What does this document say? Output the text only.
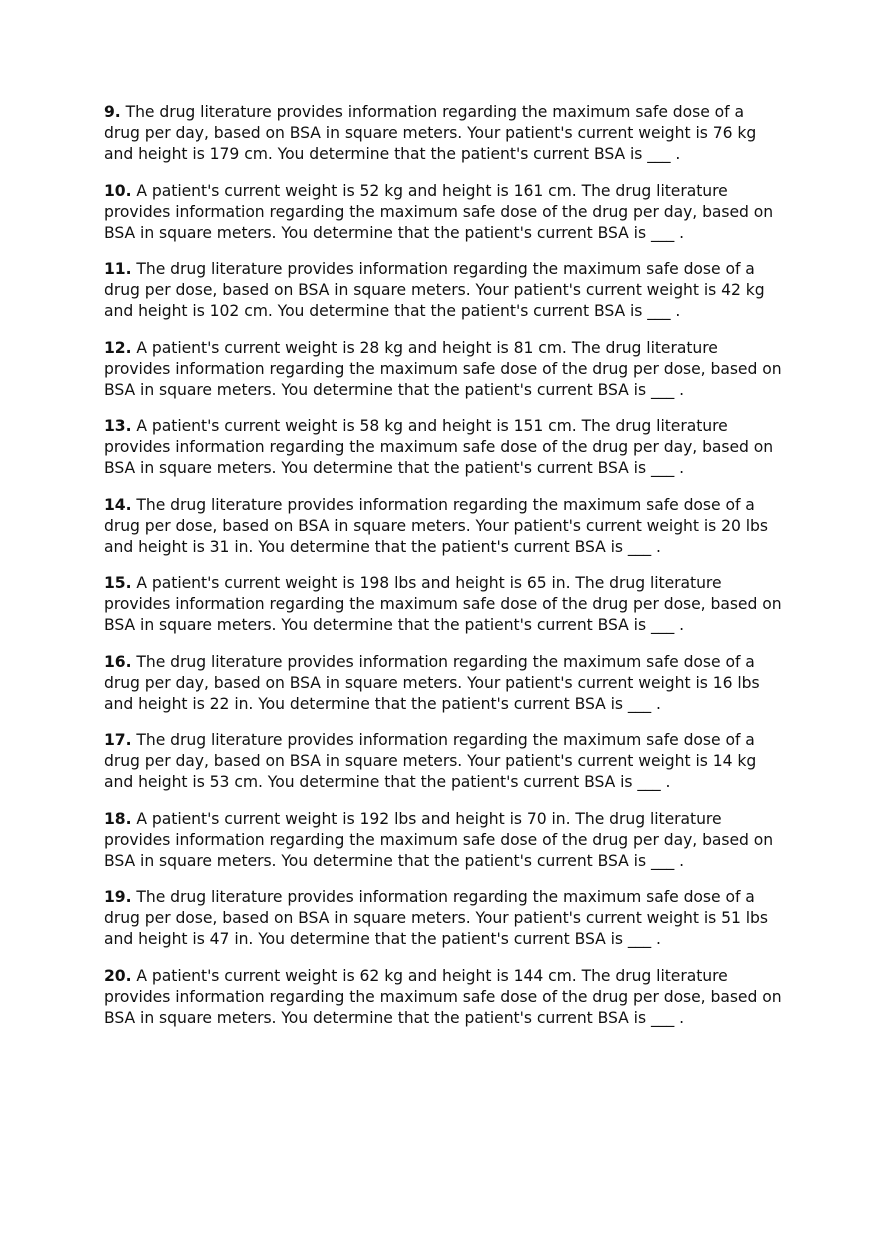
9. The drug literature provides information regarding the maximum safe dose of a drug per day, based on BSA in square meters. Your patient's current weight is 76 kg and height is 179 cm. You determine that the patient's current BSA is ___ .

10. A patient's current weight is 52 kg and height is 161 cm. The drug literature provides information regarding the maximum safe dose of the drug per day, based on BSA in square meters. You determine that the patient's current BSA is ___ .

11. The drug literature provides information regarding the maximum safe dose of a drug per dose, based on BSA in square meters. Your patient's current weight is 42 kg and height is 102 cm. You determine that the patient's current BSA is ___ .

12. A patient's current weight is 28 kg and height is 81 cm. The drug literature provides information regarding the maximum safe dose of the drug per dose, based on BSA in square meters. You determine that the patient's current BSA is ___ .

13. A patient's current weight is 58 kg and height is 151 cm. The drug literature provides information regarding the maximum safe dose of the drug per day, based on BSA in square meters. You determine that the patient's current BSA is ___ .

14. The drug literature provides information regarding the maximum safe dose of a drug per dose, based on BSA in square meters. Your patient's current weight is 20 lbs and height is 31 in. You determine that the patient's current BSA is ___ .

15. A patient's current weight is 198 lbs and height is 65 in. The drug literature provides information regarding the maximum safe dose of the drug per dose, based on BSA in square meters. You determine that the patient's current BSA is ___ .

16. The drug literature provides information regarding the maximum safe dose of a drug per day, based on BSA in square meters. Your patient's current weight is 16 lbs and height is 22 in. You determine that the patient's current BSA is ___ .

17. The drug literature provides information regarding the maximum safe dose of a drug per day, based on BSA in square meters. Your patient's current weight is 14 kg and height is 53 cm. You determine that the patient's current BSA is ___ .

18. A patient's current weight is 192 lbs and height is 70 in. The drug literature provides information regarding the maximum safe dose of the drug per day, based on BSA in square meters. You determine that the patient's current BSA is ___ .

19. The drug literature provides information regarding the maximum safe dose of a drug per dose, based on BSA in square meters. Your patient's current weight is 51 lbs and height is 47 in. You determine that the patient's current BSA is ___ .

20. A patient's current weight is 62 kg and height is 144 cm. The drug literature provides information regarding the maximum safe dose of the drug per dose, based on BSA in square meters. You determine that the patient's current BSA is ___ .
